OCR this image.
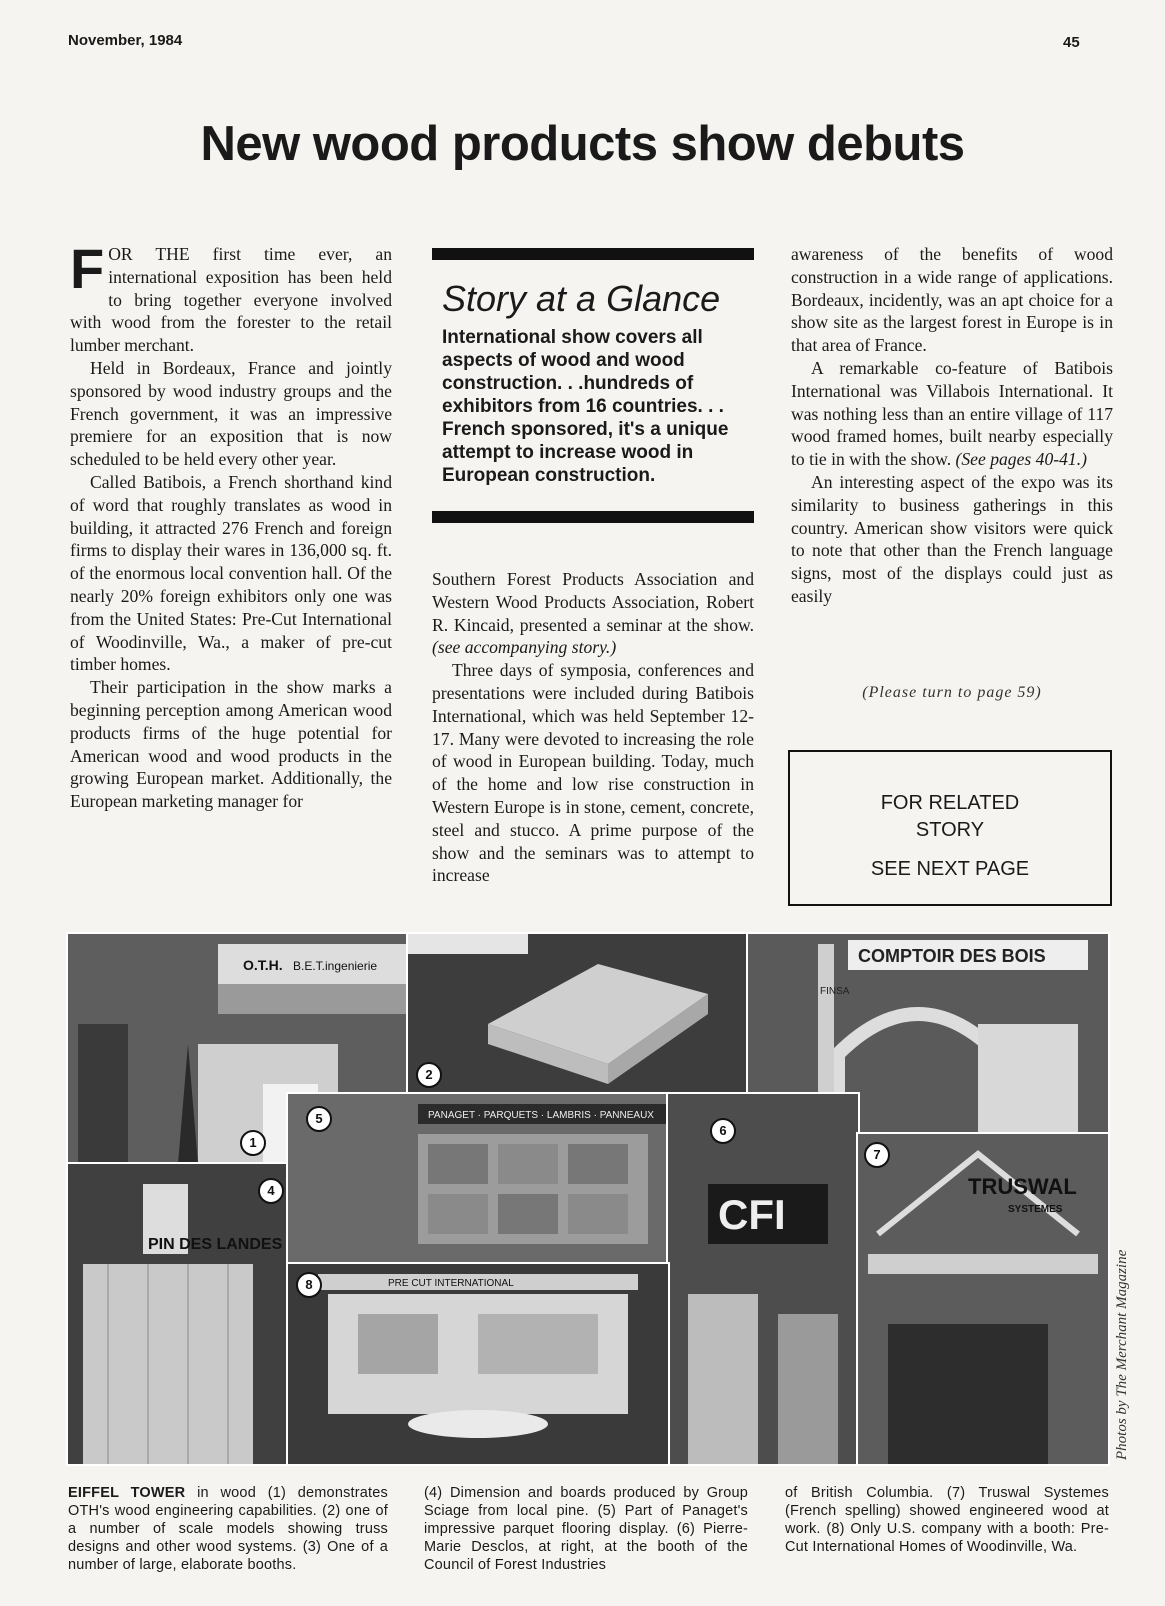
November, 1984	45
New wood products show debuts

FOR THE first time ever, an international exposition has been held to bring together everyone involved with wood from the forester to the retail lumber merchant.

Held in Bordeaux, France and jointly sponsored by wood industry groups and the French government, it was an impressive premiere for an exposition that is now scheduled to be held every other year.

Called Batibois, a French shorthand kind of word that roughly translates as wood in building, it attracted 276 French and foreign firms to display their wares in 136,000 sq. ft. of the enormous local convention hall. Of the nearly 20% foreign exhibitors only one was from the United States: Pre-Cut International of Woodinville, Wa., a maker of pre-cut timber homes.

Their participation in the show marks a beginning perception among American wood products firms of the huge potential for American wood and wood products in the growing European market. Additionally, the European marketing manager for

Story at a Glance
International show covers all aspects of wood and wood construction. . .hundreds of exhibitors from 16 countries. . . French sponsored, it's a unique attempt to increase wood in European construction.

Southern Forest Products Association and Western Wood Products Association, Robert R. Kincaid, presented a seminar at the show. (see accompanying story.)

Three days of symposia, conferences and presentations were included during Batibois International, which was held September 12-17. Many were devoted to increasing the role of wood in European building. Today, much of the home and low rise construction in Western Europe is in stone, cement, concrete, steel and stucco. A prime purpose of the show and the seminars was to attempt to increase

awareness of the benefits of wood construction in a wide range of applications. Bordeaux, incidently, was an apt choice for a show site as the largest forest in Europe is in that area of France.

A remarkable co-feature of Batibois International was Villabois International. It was nothing less than an entire village of 117 wood framed homes, built nearby especially to tie in with the show. (See pages 40-41.)

An interesting aspect of the expo was its similarity to business gatherings in this country. American show visitors were quick to note that other than the French language signs, most of the displays could just as easily

(Please turn to page 59)
FOR RELATED
STORY
SEE NEXT PAGE
O.T.H. B.E.T.ingenierie
1
2
COMPTOIR DES BOIS
FINSA
PIN DES LANDES
4
PANAGET · PARQUETS · LAMBRIS · PANNEAUX
5
CFI
6
TRUSWAL
SYSTEMES
7
PRE CUT INTERNATIONAL
8	Photos by The Merchant Magazine
EIFFEL TOWER in wood (1) demonstrates OTH's wood engineering capabilities. (2) one of a number of scale models showing truss designs and other wood systems. (3) One of a number of large, elaborate booths.
(4) Dimension and boards produced by Group Sciage from local pine. (5) Part of Panaget's impressive parquet flooring display. (6) Pierre-Marie Desclos, at right, at the booth of the Council of Forest Industries
of British Columbia. (7) Truswal Systemes (French spelling) showed engineered wood at work. (8) Only U.S. company with a booth: Pre-Cut International Homes of Woodinville, Wa.
